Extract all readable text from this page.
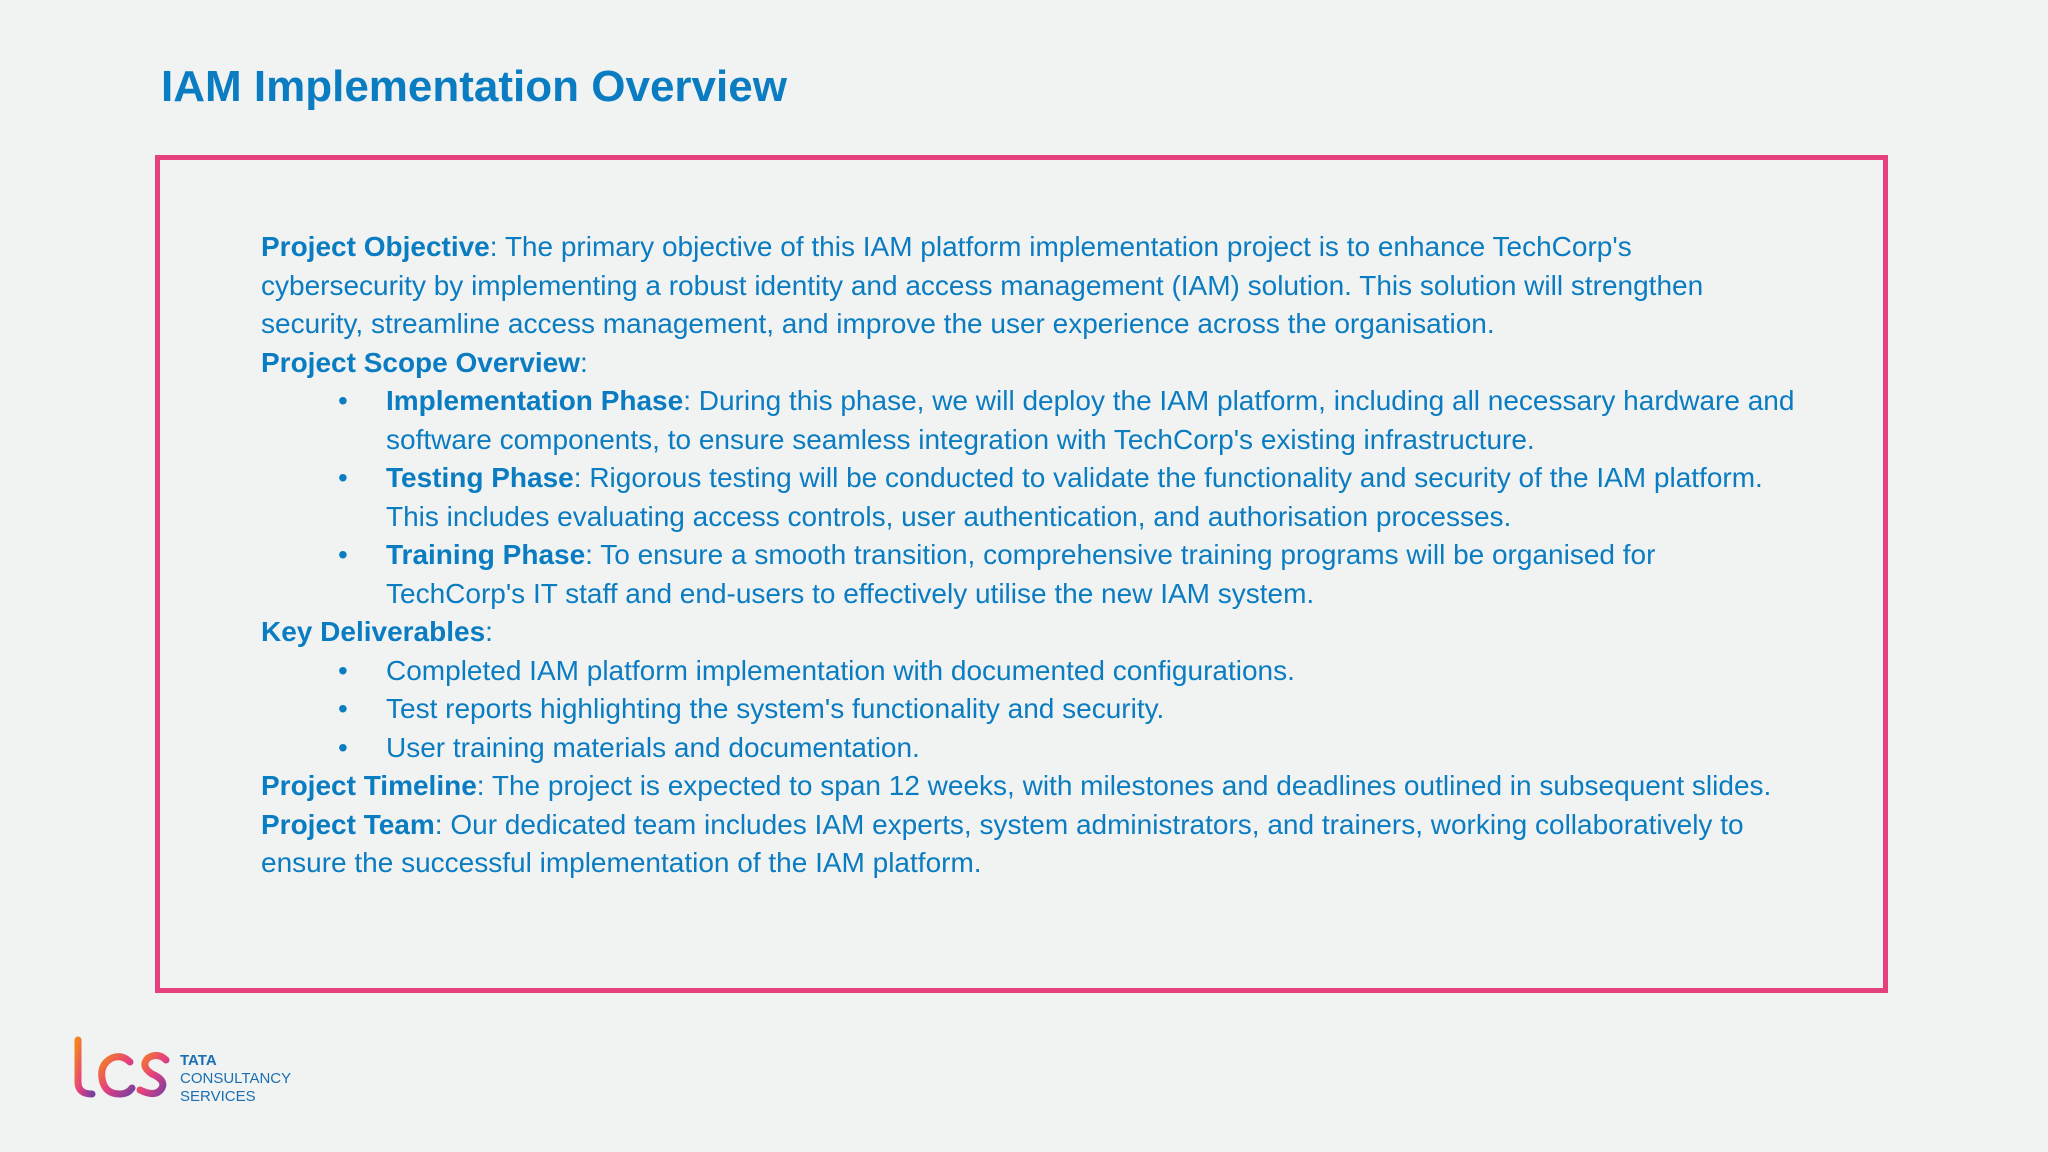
IAM Implementation Overview

Project Objective: The primary objective of this IAM platform implementation project is to enhance TechCorp's cybersecurity by implementing a robust identity and access management (IAM) solution. This solution will strengthen security, streamline access management, and improve the user experience across the organisation.

Project Scope Overview:

• Implementation Phase: During this phase, we will deploy the IAM platform, including all necessary hardware and software components, to ensure seamless integration with TechCorp's existing infrastructure.
• Testing Phase: Rigorous testing will be conducted to validate the functionality and security of the IAM platform. This includes evaluating access controls, user authentication, and authorisation processes.
• Training Phase: To ensure a smooth transition, comprehensive training programs will be organised for TechCorp's IT staff and end-users to effectively utilise the new IAM system.

Key Deliverables:

• Completed IAM platform implementation with documented configurations.
• Test reports highlighting the system's functionality and security.
• User training materials and documentation.

Project Timeline: The project is expected to span 12 weeks, with milestones and deadlines outlined in subsequent slides.

Project Team: Our dedicated team includes IAM experts, system administrators, and trainers, working collaboratively to ensure the successful implementation of the IAM platform.

TATA
CONSULTANCY
SERVICES
